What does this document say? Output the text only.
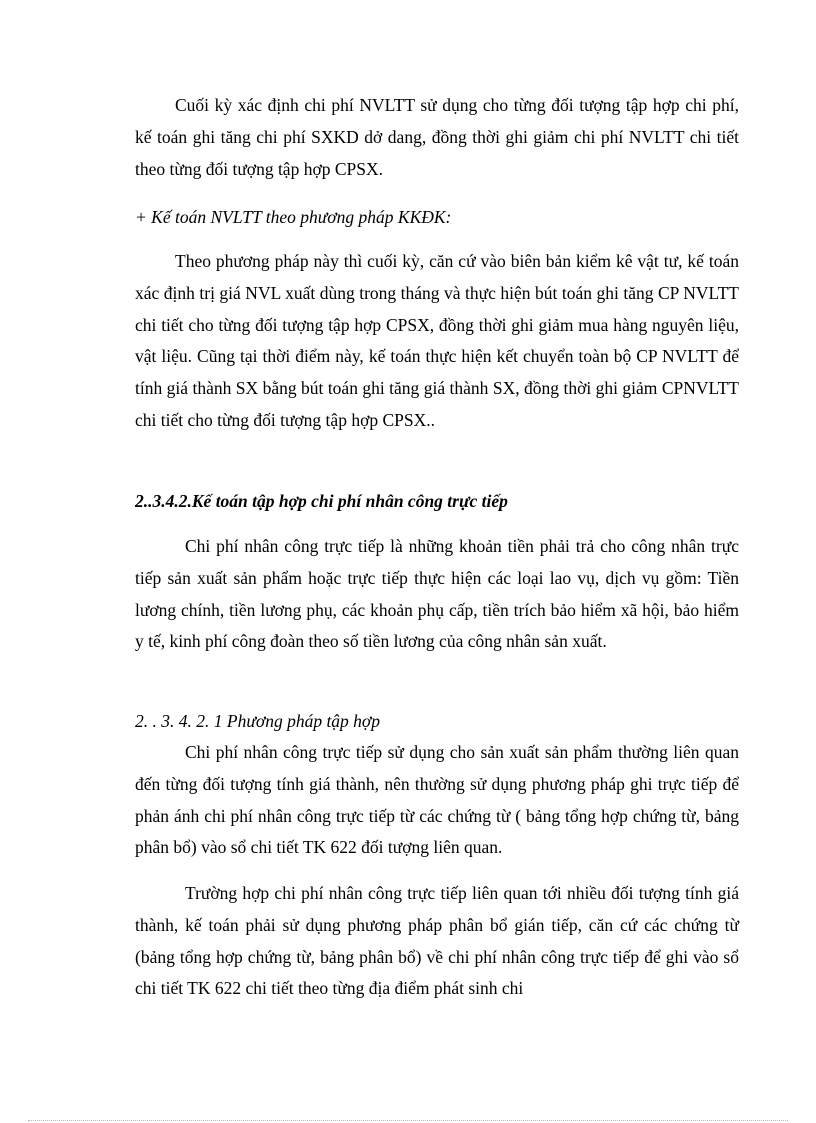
Cuối kỳ xác định chi phí NVLTT sử dụng cho từng đối tượng tập hợp chi phí, kế toán ghi tăng chi phí SXKD dở dang, đồng thời ghi giảm chi phí NVLTT chi tiết theo từng đối tượng tập hợp CPSX.

+ Kế toán NVLTT theo phương pháp KKĐK:

Theo phương pháp này thì cuối kỳ, căn cứ vào biên bản kiểm kê vật tư, kế toán xác định trị giá NVL xuất dùng trong tháng và thực hiện bút toán ghi tăng CP NVLTT chi tiết cho từng đối tượng tập hợp CPSX, đồng thời ghi giảm mua hàng nguyên liệu, vật liệu. Cũng tại thời điểm này, kế toán thực hiện kết chuyển toàn bộ CP NVLTT để tính giá thành SX bằng bút toán ghi tăng giá thành SX, đồng thời ghi giảm CPNVLTT chi tiết cho từng đối tượng tập hợp CPSX..

2..3.4.2.Kế toán tập hợp chi phí nhân công trực tiếp

Chi phí nhân công trực tiếp là những khoản tiền phải trả cho công nhân trực tiếp sản xuất sản phẩm hoặc trực tiếp thực hiện các loại lao vụ, dịch vụ gồm: Tiền lương chính, tiền lương phụ, các khoản phụ cấp, tiền trích bảo hiểm xã hội, bảo hiểm y tế, kinh phí công đoàn theo số tiền lương của công nhân sản xuất.

2. . 3. 4. 2. 1 Phương pháp tập hợp

Chi phí nhân công trực tiếp sử dụng cho sản xuất sản phẩm thường liên quan đến từng đối tượng tính giá thành, nên thường sử dụng phương pháp ghi trực tiếp để phản ánh chi phí nhân công trực tiếp từ các chứng từ ( bảng tổng hợp chứng từ, bảng phân bổ) vào sổ chi tiết TK 622 đối tượng liên quan.

Trường hợp chi phí nhân công trực tiếp liên quan tới nhiều đối tượng tính giá thành, kế toán phải sử dụng phương pháp phân bổ gián tiếp, căn cứ các chứng từ (bảng tổng hợp chứng từ, bảng phân bổ) về chi phí nhân công trực tiếp để ghi vào sổ chi tiết TK 622 chi tiết theo từng địa điểm phát sinh chi
